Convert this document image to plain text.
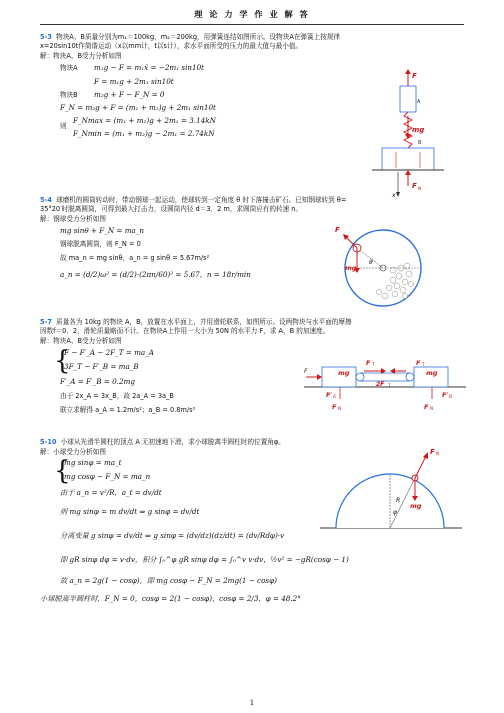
理 论 力 学 作 业 解 答
5-3 物块A、B质量分别为m₁＝100kg，m₂＝200kg，用弹簧连结如图所示。设物块A在弹簧上按规律
x=20sin10t作简谐运动（x以mm计，t以s计），求水平面所受的压力的最大值与最小值。
解：物块A、B受力分析如图
物块A m₁g − F = m₁ẍ = −2m₁ sin10t
F = m₁g + 2m₁ sin10t
物块B m₂g + F − F_N = 0
F_N = m₂g + F = (m₁ + m₂)g + 2m₁ sin10t
则
F_Nmax = (m₁ + m₂)g + 2m₁ = 3.14kN
F_Nmin = (m₁ + m₂)g − 2m₁ = 2.74kN
F
A
mg
B
F N
x
5-4 球磨机的圆筒转动时，带动钢球一起运动，使球转到一定角度 θ 时下落撞击矿石。已知钢球转到 θ=
35°20′时脱离圆筒，可得到最大打击力，设圆筒内径 d＝3．2 m，求圆筒应有的转速 n。
解：钢球受力分析如图
mg sinθ + F_N = ma_n
钢球脱离圆筒，则 F_N = 0
故 ma_n = mg sinθ，a_n = g sinθ = 5.67m/s²
a_n = (d/2)ω² = (d/2)·(2πn/60)² = 5.67，n = 18r/min
mg
F
θ
5-7 质量各为 10kg 的物块 A，B，放置在水平面上，并用滑轮联系，如图所示。设两物块与水平面的摩擦
因数f＝0．2，滑轮质量略而不计。在物块A上作用一大小为 50N 的水平力 F，求 A，B 的加速度。
解：物块A、B受力分析如图
{
F − F′_A − 2F_T = ma_A
3F_T − F′_B = ma_B
F′_A = F′_B = 0.2mg
由于 2x_A = 3x_B，故 2a_A = 3a_B
联立求解得 a_A = 1.2m/s²；a_B = 0.8m/s²
F	mg
F T
2F T
F T
mg
F N
F′ A
F N
F′ B
5-10 小球从光滑半圆柱的顶点 A 无初速地下滑，求小球脱离半圆柱时的位置角φ。
解：小球受力分析如图
{
mg sinφ = ma_t
mg cosφ − F_N = ma_n
由于 a_n = v²/R，a_t = dv/dt
则 mg sinφ = m dv/dt ⇒ g sinφ = dv/dt
分离变量 g sinφ = dv/dt ⇒ g sinφ = (dv/dz)(dz/dt) = (dv/Rdφ)·v
即 gR sinφ dφ = v·dv，积分 ∫₀^φ gR sinφ dφ = ∫₀^v v·dv，½v² = −gR(cosφ − 1)
故 a_n = 2g(1 − cosφ)，即 mg cosφ − F_N = 2mg(1 − cosφ)
小球脱离半圆柱时，F_N = 0，cosφ = 2(1 − cosφ)，cosφ = 2/3，φ = 48.2°
R
φ
mg
F N
1
